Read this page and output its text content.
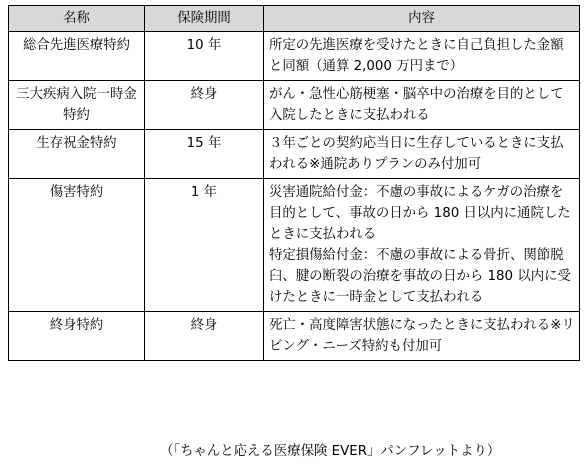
名称	保険期間	内容
総合先進医療特約	10 年	所定の先進医療を受けたときに自己負担した金額と同額（通算 2,000 万円まで）

三大疾病入院一時金特約	終身	がん・急性心筋梗塞・脳卒中の治療を目的として入院したときに支払われる

生存祝金特約	15 年	３年ごとの契約応当日に生存しているときに支払われる※通院ありプランのみ付加可

傷害特約	1 年	災害通院給付金：不慮の事故によるケガの治療を目的として、事故の日から 180 日以内に通院したときに支払われる
特定損傷給付金：不慮の事故による骨折、関節脱臼、腱の断裂の治療を事故の日から 180 以内に受けたときに一時金として支払われる

終身特約	終身	死亡・高度障害状態になったときに支払われる※リビング・ニーズ特約も付加可
（「ちゃんと応える医療保険 EVER」パンフレットより）
